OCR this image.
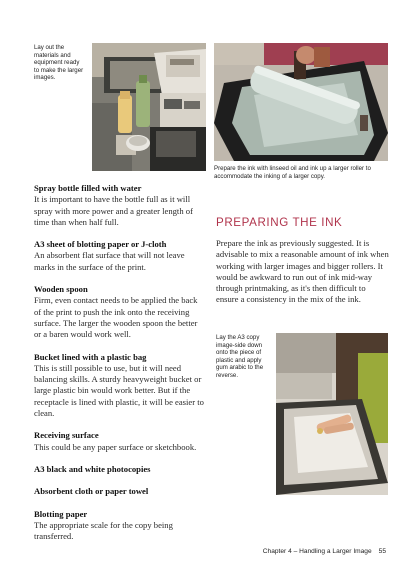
Lay out the materials and equipment ready to make the larger images.
Prepare the ink with linseed oil and ink up a larger roller to accommodate the inking of a larger copy.

Spray bottle filled with water

It is important to have the bottle full as it will spray with more power and a greater length of time than when half full.

A3 sheet of blotting paper or J-cloth

An absorbent flat surface that will not leave marks in the surface of the print.

Wooden spoon

Firm, even contact needs to be applied the back of the print to push the ink onto the receiving surface. The larger the wooden spoon the better or a baren would work well.

Bucket lined with a plastic bag

This is still possible to use, but it will need balancing skills. A sturdy heavyweight bucket or large plastic bin would work better. But if the receptacle is lined with plastic, it will be easier to clean.

Receiving surface

This could be any paper surface or sketchbook.

A3 black and white photocopies

Absorbent cloth or paper towel

Blotting paper

The appropriate scale for the copy being transferred.

PREPARING THE INK

Prepare the ink as previously suggested. It is advisable to mix a reasonable amount of ink when working with larger images and bigger rollers. It would be awkward to run out of ink mid-way through printmaking, as it's then difficult to ensure a consistency in the mix of the ink.

Lay the A3 copy image-side down onto the piece of plastic and apply gum arabic to the reverse.
Chapter 4 – Handling a Larger Image 55
